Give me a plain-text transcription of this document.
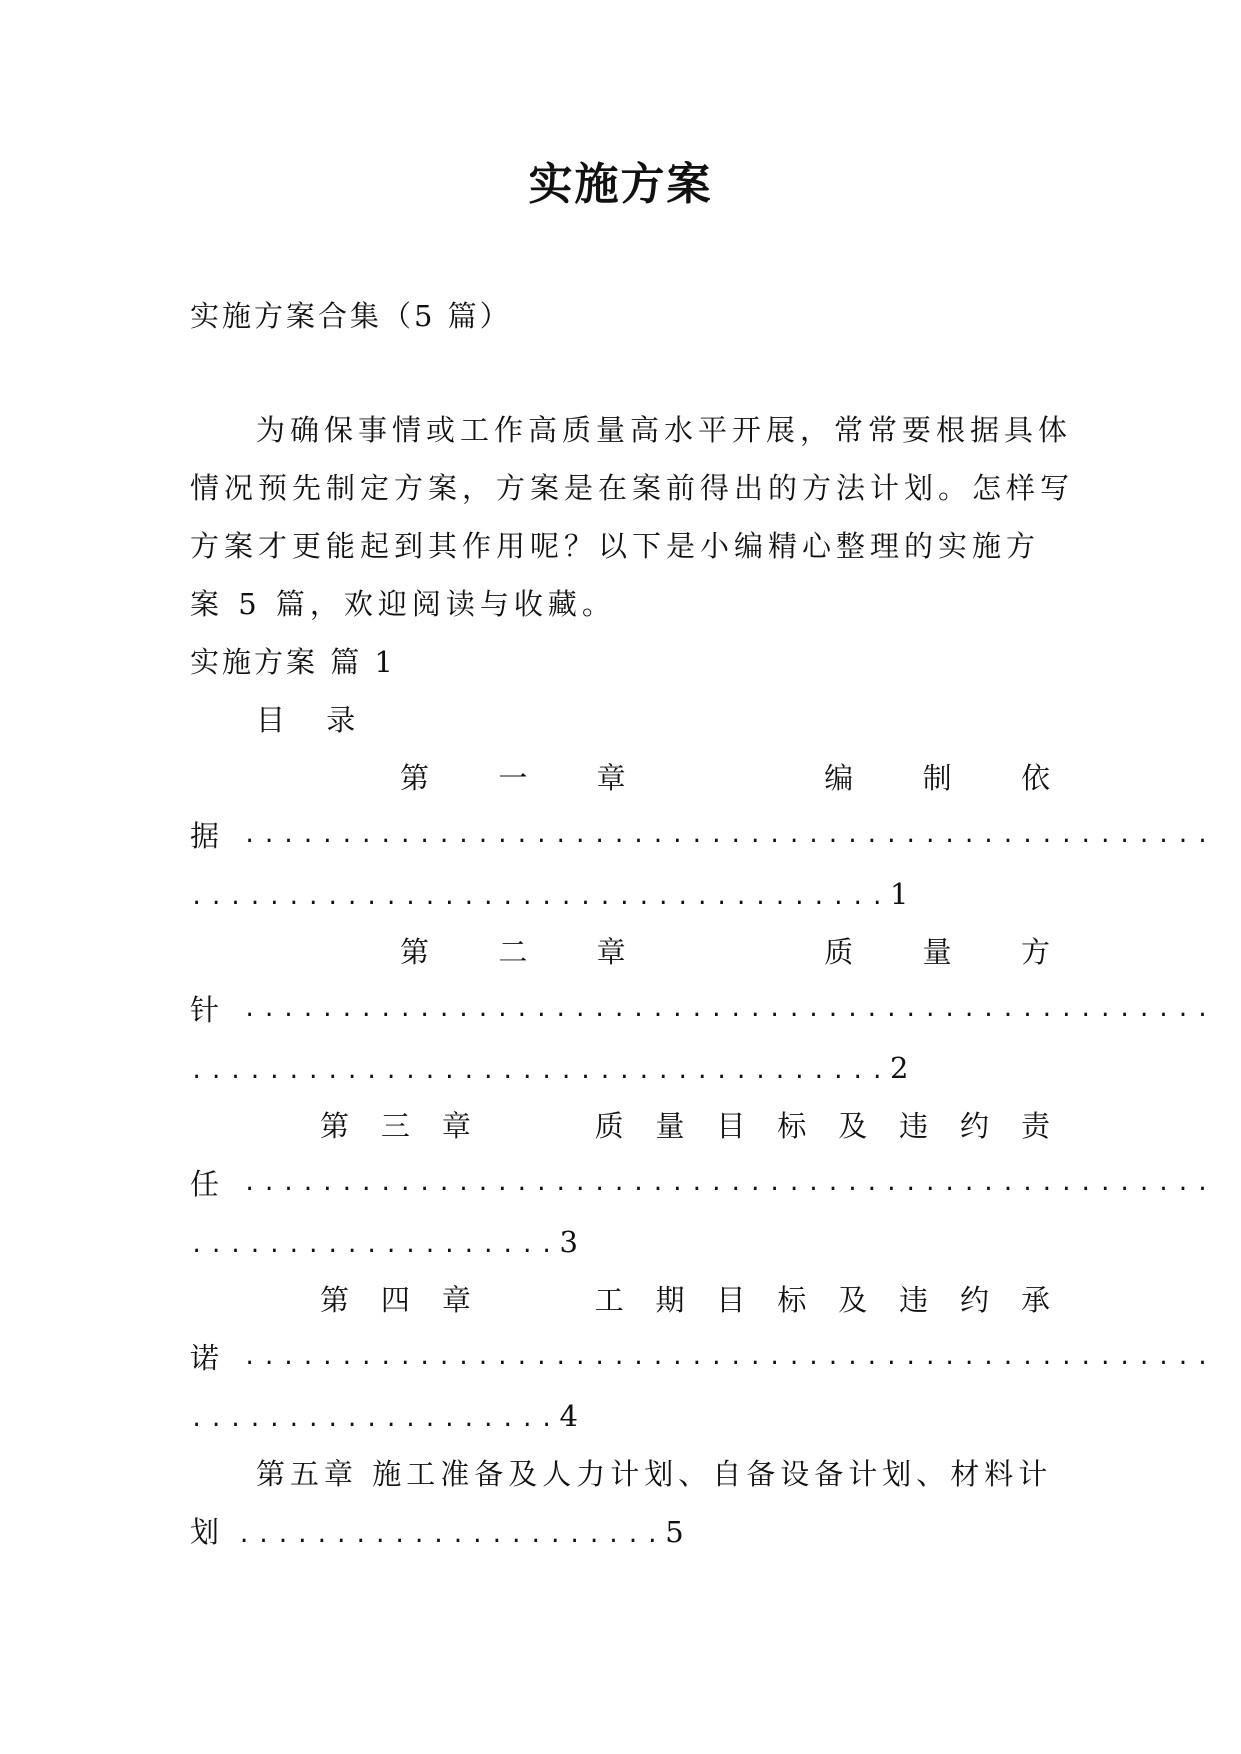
实施方案
实施方案合集（5 篇）
为确保事情或工作高质量高水平开展，常常要根据具体
情况预先制定方案，方案是在案前得出的方法计划。怎样写
方案才更能起到其作用呢？以下是小编精心整理的实施方
案 5 篇，欢迎阅读与收藏。
实施方案 篇 1
目 录
第 一 章	编 制 依
据 ..................................................
....................................1
第 二 章	质 量 方
针 ..................................................
....................................2
第 三 章	质 量 目 标 及 违 约 责
任 ..................................................
...................3
第 四 章	工 期 目 标 及 违 约 承
诺 ..................................................
...................4
第五章 施工准备及人力计划、自备设备计划、材料计
划 ......................5
